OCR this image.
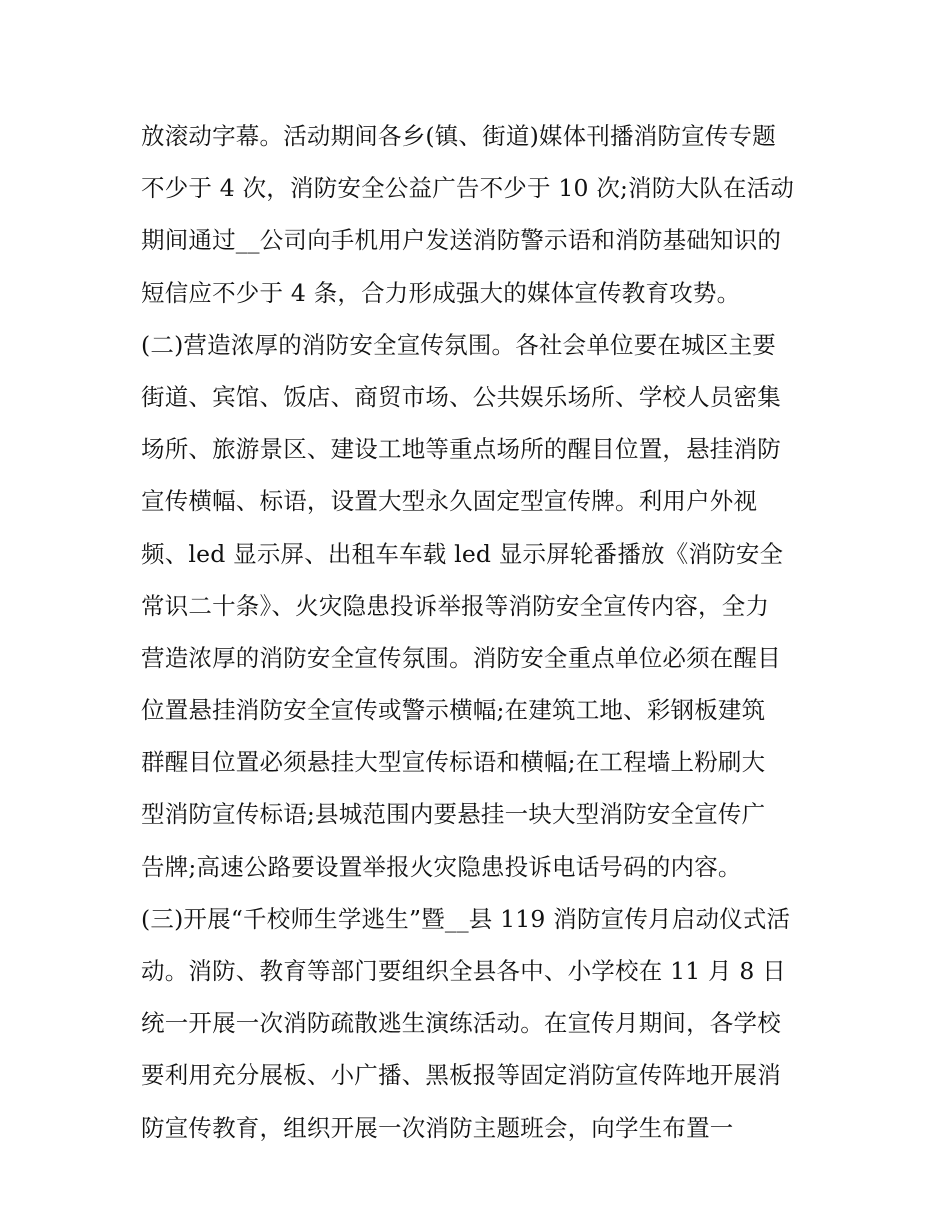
放滚动字幕。活动期间各乡(镇、街道)媒体刊播消防宣传专题
不少于 4 次，消防安全公益广告不少于 10 次;消防大队在活动
期间通过__公司向手机用户发送消防警示语和消防基础知识的
短信应不少于 4 条，合力形成强大的媒体宣传教育攻势。
(二)营造浓厚的消防安全宣传氛围。各社会单位要在城区主要
街道、宾馆、饭店、商贸市场、公共娱乐场所、学校人员密集
场所、旅游景区、建设工地等重点场所的醒目位置，悬挂消防
宣传横幅、标语，设置大型永久固定型宣传牌。利用户外视
频、led 显示屏、出租车车载 led 显示屏轮番播放《消防安全
常识二十条》、火灾隐患投诉举报等消防安全宣传内容，全力
营造浓厚的消防安全宣传氛围。消防安全重点单位必须在醒目
位置悬挂消防安全宣传或警示横幅;在建筑工地、彩钢板建筑
群醒目位置必须悬挂大型宣传标语和横幅;在工程墙上粉刷大
型消防宣传标语;县城范围内要悬挂一块大型消防安全宣传广
告牌;高速公路要设置举报火灾隐患投诉电话号码的内容。
(三)开展“千校师生学逃生”暨__县 119 消防宣传月启动仪式活
动。消防、教育等部门要组织全县各中、小学校在 11 月 8 日
统一开展一次消防疏散逃生演练活动。在宣传月期间，各学校
要利用充分展板、小广播、黑板报等固定消防宣传阵地开展消
防宣传教育，组织开展一次消防主题班会，向学生布置一
